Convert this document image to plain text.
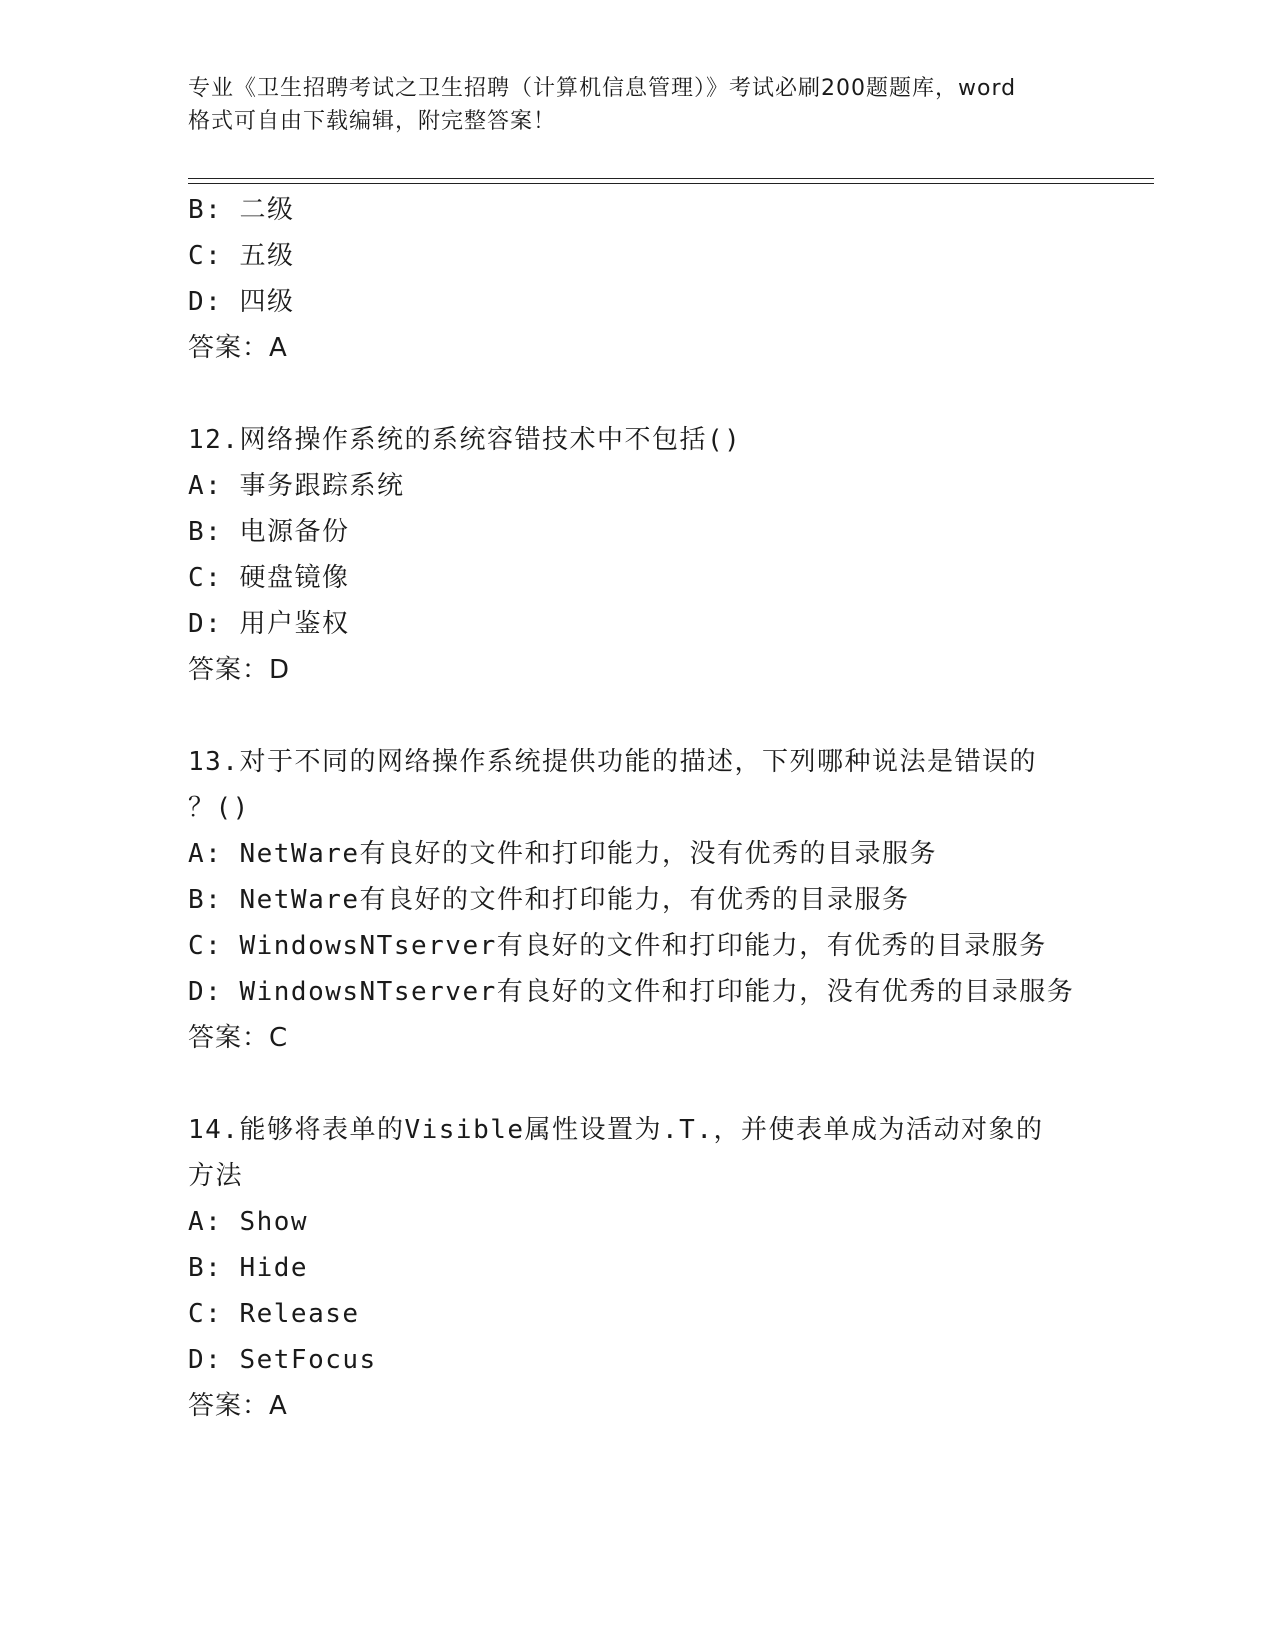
专业《卫生招聘考试之卫生招聘（计算机信息管理）》考试必刷200题题库，word
格式可自由下载编辑，附完整答案！
B: 二级
C: 五级
D: 四级
答案：A
12.网络操作系统的系统容错技术中不包括()
A: 事务跟踪系统
B: 电源备份
C: 硬盘镜像
D: 用户鉴权
答案：D
13.对于不同的网络操作系统提供功能的描述，下列哪种说法是错误的
？()
A: NetWare有良好的文件和打印能力，没有优秀的目录服务
B: NetWare有良好的文件和打印能力，有优秀的目录服务
C: WindowsNTserver有良好的文件和打印能力，有优秀的目录服务
D: WindowsNTserver有良好的文件和打印能力，没有优秀的目录服务
答案：C
14.能够将表单的Visible属性设置为.T.，并使表单成为活动对象的
方法
A: Show
B: Hide
C: Release
D: SetFocus
答案：A
